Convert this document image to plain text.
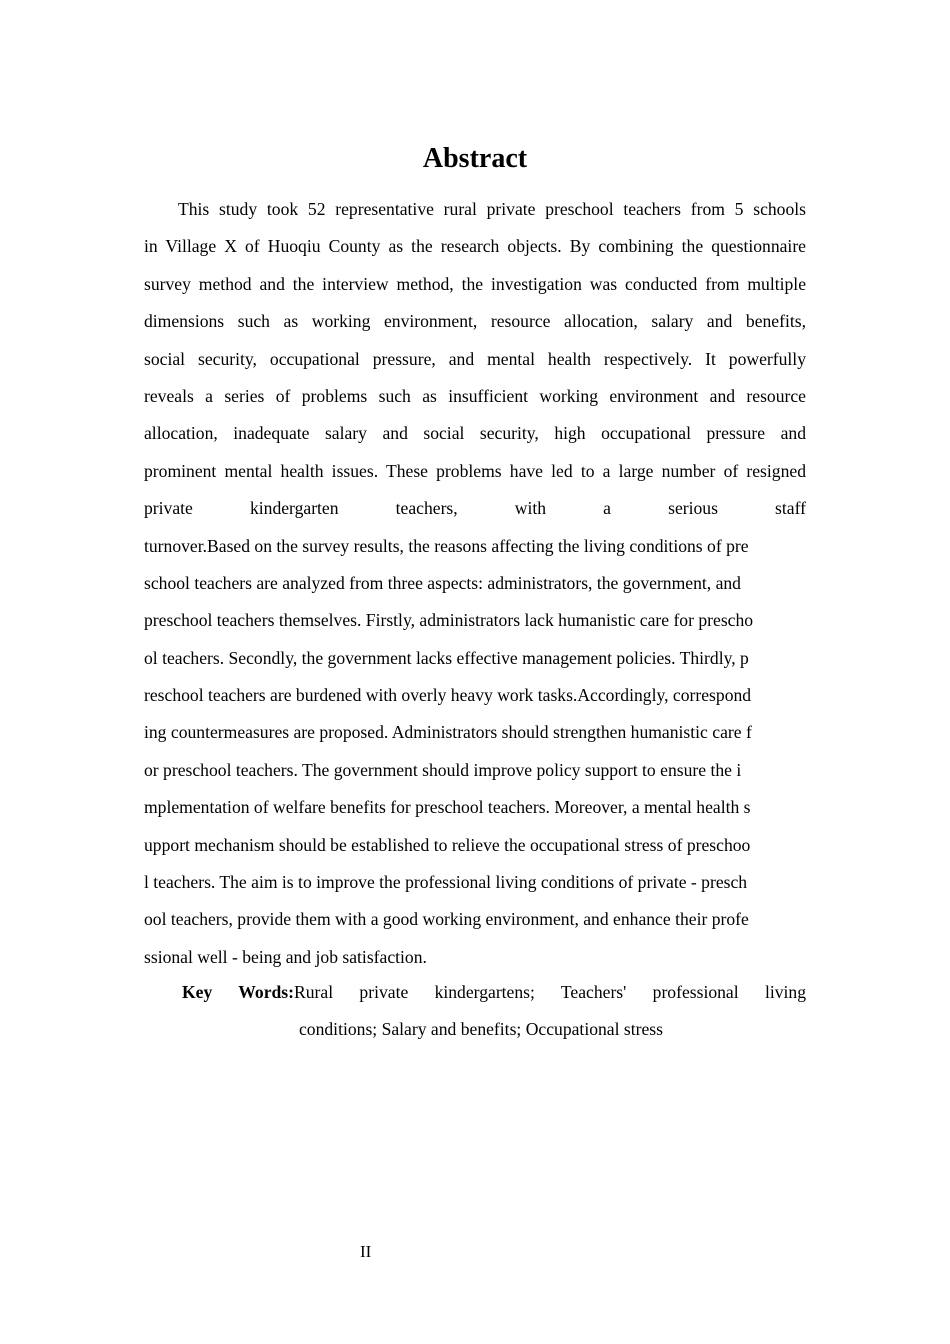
Abstract
This study took 52 representative rural private preschool teachers from 5 schools
in Village X of Huoqiu County as the research objects. By combining the questionnaire
survey method and the interview method, the investigation was conducted from multiple
dimensions such as working environment, resource allocation, salary and benefits,
social security, occupational pressure, and mental health respectively. It powerfully
reveals a series of problems such as insufficient working environment and resource
allocation, inadequate salary and social security, high occupational pressure and
prominent mental health issues. These problems have led to a large number of resigned
private kindergarten teachers, with a serious staff
turnover.Based on the survey results, the reasons affecting the living conditions of pre
school teachers are analyzed from three aspects: administrators, the government, and
preschool teachers themselves. Firstly, administrators lack humanistic care for prescho
ol teachers. Secondly, the government lacks effective management policies. Thirdly, p
reschool teachers are burdened with overly heavy work tasks.Accordingly, correspond
ing countermeasures are proposed. Administrators should strengthen humanistic care f
or preschool teachers. The government should improve policy support to ensure the i
mplementation of welfare benefits for preschool teachers. Moreover, a mental health s
upport mechanism should be established to relieve the occupational stress of preschoo
l teachers. The aim is to improve the professional living conditions of private - presch
ool teachers, provide them with a good working environment, and enhance their profe
ssional well - being and job satisfaction.
Key Words:Rural private kindergartens; Teachers' professional living
conditions; Salary and benefits; Occupational stress
II
